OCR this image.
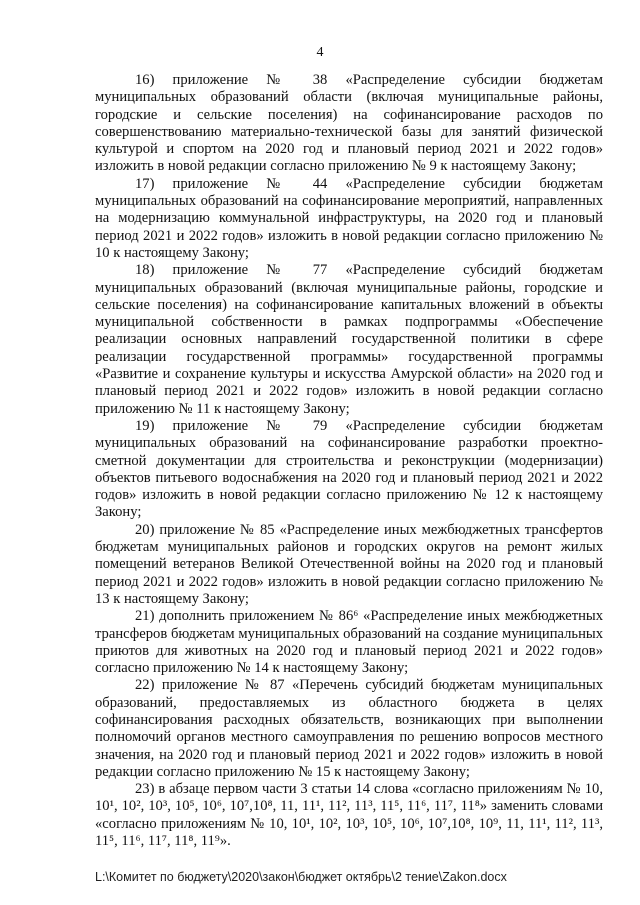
4

16) приложение № 38 «Распределение субсидии бюджетам муниципальных образований области (включая муниципальные районы, городские и сельские поселения) на софинансирование расходов по совершенствованию материально-технической базы для занятий физической культурой и спортом на 2020 год и плановый период 2021 и 2022 годов» изложить в новой редакции согласно приложению № 9 к настоящему Закону;

17) приложение № 44 «Распределение субсидии бюджетам муниципальных образований на софинансирование мероприятий, направленных на модернизацию коммунальной инфраструктуры, на 2020 год и плановый период 2021 и 2022 годов» изложить в новой редакции согласно приложению № 10 к настоящему Закону;

18) приложение № 77 «Распределение субсидий бюджетам муниципальных образований (включая муниципальные районы, городские и сельские поселения) на софинансирование капитальных вложений в объекты муниципальной собственности в рамках подпрограммы «Обеспечение реализации основных направлений государственной политики в сфере реализации государственной программы» государственной программы «Развитие и сохранение культуры и искусства Амурской области» на 2020 год и плановый период 2021 и 2022 годов» изложить в новой редакции согласно приложению № 11 к настоящему Закону;

19) приложение № 79 «Распределение субсидии бюджетам муниципальных образований на софинансирование разработки проектно-сметной документации для строительства и реконструкции (модернизации) объектов питьевого водоснабжения на 2020 год и плановый период 2021 и 2022 годов» изложить в новой редакции согласно приложению № 12 к настоящему Закону;

20) приложение № 85 «Распределение иных межбюджетных трансфертов бюджетам муниципальных районов и городских округов на ремонт жилых помещений ветеранов Великой Отечественной войны на 2020 год и плановый период 2021 и 2022 годов» изложить в новой редакции согласно приложению № 13 к настоящему Закону;

21) дополнить приложением № 86⁶ «Распределение иных межбюджетных трансферов бюджетам муниципальных образований на создание муниципальных приютов для животных на 2020 год и плановый период 2021 и 2022 годов» согласно приложению № 14 к настоящему Закону;

22) приложение № 87 «Перечень субсидий бюджетам муниципальных образований, предоставляемых из областного бюджета в целях софинансирования расходных обязательств, возникающих при выполнении полномочий органов местного самоуправления по решению вопросов местного значения, на 2020 год и плановый период 2021 и 2022 годов» изложить в новой редакции согласно приложению № 15 к настоящему Закону;

23) в абзаце первом части 3 статьи 14 слова «согласно приложениям № 10, 10¹, 10², 10³, 10⁵, 10⁶, 10⁷,10⁸, 11, 11¹, 11², 11³, 11⁵, 11⁶, 11⁷, 11⁸» заменить словами «согласно приложениям № 10, 10¹, 10², 10³, 10⁵, 10⁶, 10⁷,10⁸, 10⁹, 11, 11¹, 11², 11³, 11⁵, 11⁶, 11⁷, 11⁸, 11⁹».

L:\Комитет по бюджету\2020\закон\бюджет октябрь\2 тение\Zakon.docx
